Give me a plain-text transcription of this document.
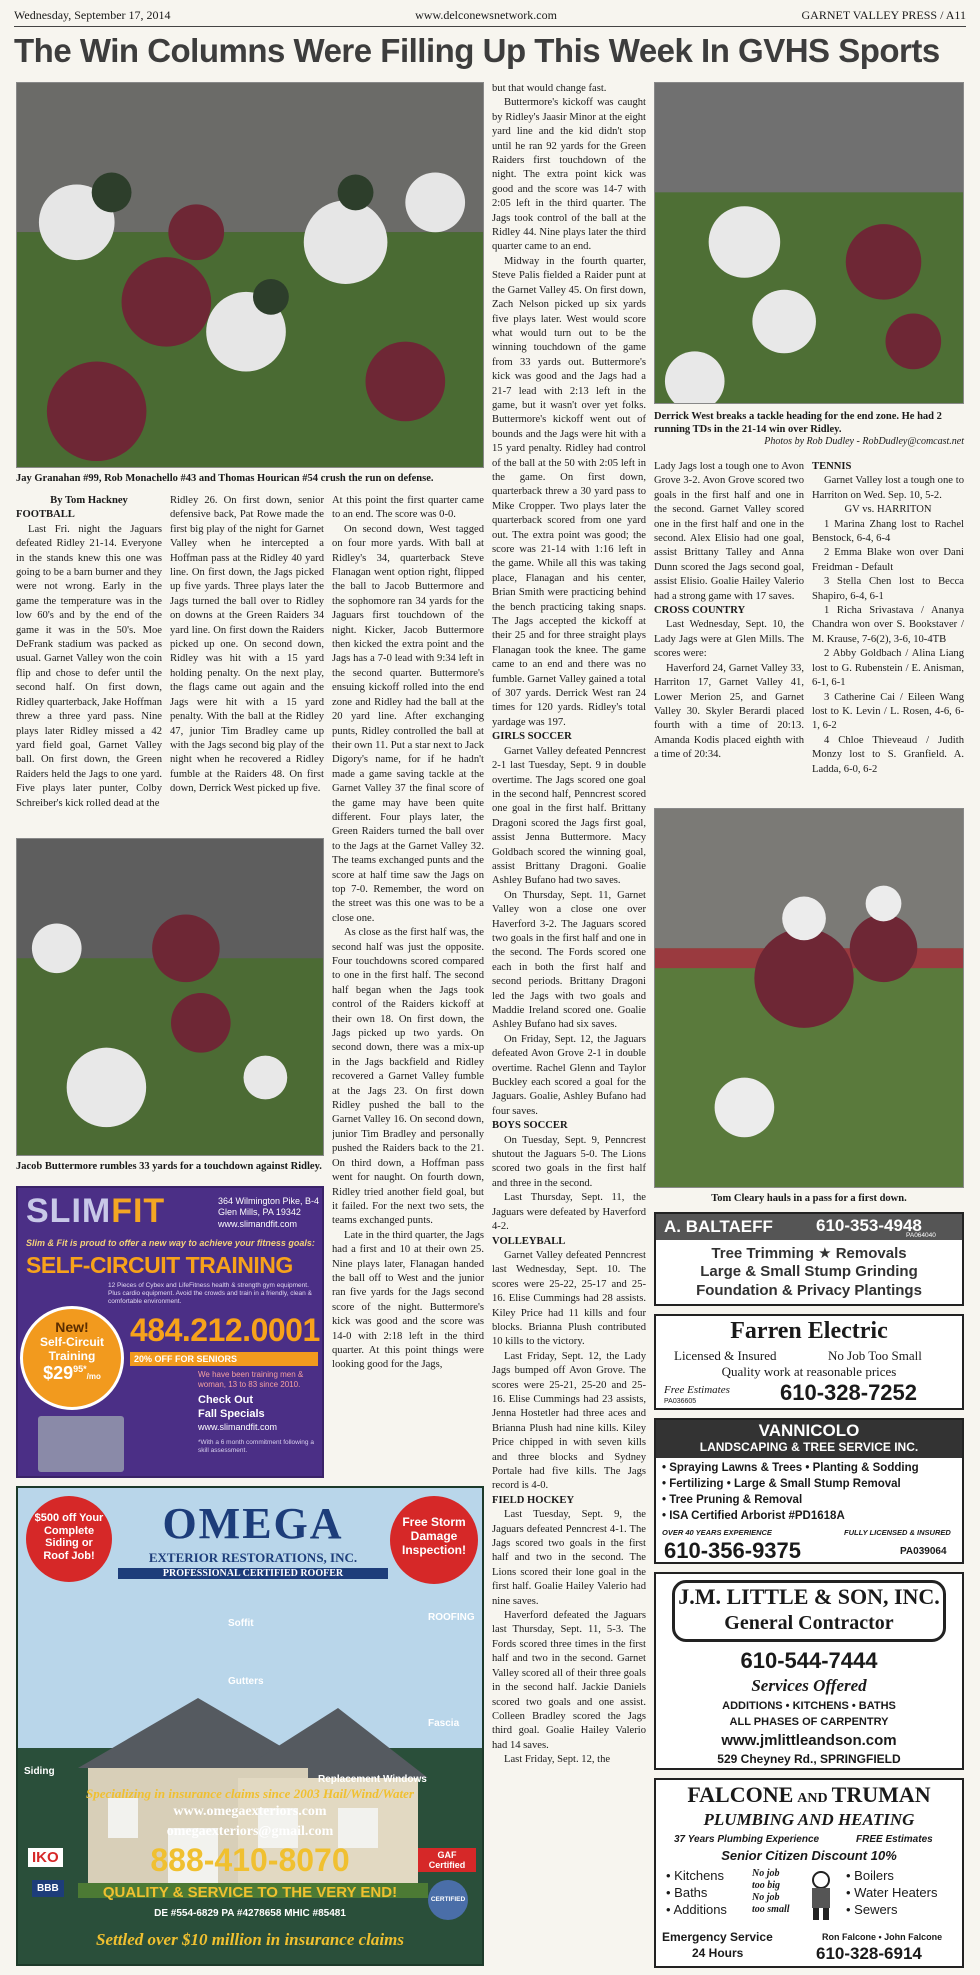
Wednesday, September 17, 2014	www.delconewsnetwork.com	GARNET VALLEY PRESS / A11
The Win Columns Were Filling Up This Week In GVHS Sports
Jay Granahan #99, Rob Monachello #43 and Thomas Hourican #54 crush the run on defense.
Derrick West breaks a tackle heading for the end zone. He had 2 running TDs in the 21-14 win over Ridley.
Photos by Rob Dudley - RobDudley@comcast.net
Jacob Buttermore rumbles 33 yards for a touchdown against Ridley.
Tom Cleary hauls in a pass for a first down.
By Tom Hackney
FOOTBALL

Last Fri. night the Jaguars defeated Ridley 21-14. Everyone in the stands knew this one was going to be a barn burner and they were not wrong. Early in the game the temperature was in the low 60's and by the end of the game it was in the 50's. Moe DeFrank stadium was packed as usual. Garnet Valley won the coin flip and chose to defer until the second half. On first down, Ridley quarterback, Jake Hoffman threw a three yard pass. Nine plays later Ridley missed a 42 yard field goal, Garnet Valley ball. On first down, the Green Raiders held the Jags to one yard. Five plays later punter, Colby Schreiber's kick rolled dead at the

Ridley 26. On first down, senior defensive back, Pat Rowe made the first big play of the night for Garnet Valley when he intercepted a Hoffman pass at the Ridley 40 yard line. On first down, the Jags picked up five yards. Three plays later the Jags turned the ball over to Ridley on downs at the Green Raiders 34 yard line. On first down the Raiders picked up one. On second down, Ridley was hit with a 15 yard holding penalty. On the next play, the flags came out again and the Jags were hit with a 15 yard penalty. With the ball at the Ridley 47, junior Tim Bradley came up with the Jags second big play of the night when he recovered a Ridley fumble at the Raiders 48. On first down, Derrick West picked up five.

At this point the first quarter came to an end. The score was 0-0.

On second down, West tagged on four more yards. With ball at Ridley's 34, quarterback Steve Flanagan went option right, flipped the ball to Jacob Buttermore and the sophomore ran 34 yards for the Jaguars first touchdown of the night. Kicker, Jacob Buttermore then kicked the extra point and the Jags has a 7-0 lead with 9:34 left in the second quarter. Buttermore's ensuing kickoff rolled into the end zone and Ridley had the ball at the 20 yard line. After exchanging punts, Ridley controlled the ball at their own 11. Put a star next to Jack Digory's name, for if he hadn't made a game saving tackle at the Garnet Valley 37 the final score of the game may have been quite different. Four plays later, the Green Raiders turned the ball over to the Jags at the Garnet Valley 32. The teams exchanged punts and the score at half time saw the Jags on top 7-0. Remember, the word on the street was this one was to be a close one.

As close as the first half was, the second half was just the opposite. Four touchdowns scored compared to one in the first half. The second half began when the Jags took control of the Raiders kickoff at their own 18. On first down, the Jags picked up two yards. On second down, there was a mix-up in the Jags backfield and Ridley recovered a Garnet Valley fumble at the Jags 23. On first down Ridley pushed the ball to the Garnet Valley 16. On second down, junior Tim Bradley and personally pushed the Raiders back to the 21. On third down, a Hoffman pass went for naught. On fourth down, Ridley tried another field goal, but it failed. For the next two sets, the teams exchanged punts.

Late in the third quarter, the Jags had a first and 10 at their own 25. Nine plays later, Flanagan handed the ball off to West and the junior ran five yards for the Jags second score of the night. Buttermore's kick was good and the score was 14-0 with 2:18 left in the third quarter. At this point things were looking good for the Jags,

but that would change fast.

Buttermore's kickoff was caught by Ridley's Jaasir Minor at the eight yard line and the kid didn't stop until he ran 92 yards for the Green Raiders first touchdown of the night. The extra point kick was good and the score was 14-7 with 2:05 left in the third quarter. The Jags took control of the ball at the Ridley 44. Nine plays later the third quarter came to an end.

Midway in the fourth quarter, Steve Palis fielded a Raider punt at the Garnet Valley 45. On first down, Zach Nelson picked up six yards five plays later. West would score what would turn out to be the winning touchdown of the game from 33 yards out. Buttermore's kick was good and the Jags had a 21-7 lead with 2:13 left in the game, but it wasn't over yet folks. Buttermore's kickoff went out of bounds and the Jags were hit with a 15 yard penalty. Ridley had control of the ball at the 50 with 2:05 left in the game. On first down, quarterback threw a 30 yard pass to Mike Cropper. Two plays later the quarterback scored from one yard out. The extra point was good; the score was 21-14 with 1:16 left in the game. While all this was taking place, Flanagan and his center, Brian Smith were practicing behind the bench practicing taking snaps. The Jags accepted the kickoff at their 25 and for three straight plays Flanagan took the knee. The game came to an end and there was no fumble. Garnet Valley gained a total of 307 yards. Derrick West ran 24 times for 120 yards. Ridley's total yardage was 197.

GIRLS SOCCER

Garnet Valley defeated Penncrest 2-1 last Tuesday, Sept. 9 in double overtime. The Jags scored one goal in the second half, Penncrest scored one goal in the first half. Brittany Dragoni scored the Jags first goal, assist Jenna Buttermore. Macy Goldbach scored the winning goal, assist Brittany Dragoni. Goalie Ashley Bufano had two saves.

On Thursday, Sept. 11, Garnet Valley won a close one over Haverford 3-2. The Jaguars scored two goals in the first half and one in the second. The Fords scored one each in both the first half and second periods. Brittany Dragoni led the Jags with two goals and Maddie Ireland scored one. Goalie Ashley Bufano had six saves.

On Friday, Sept. 12, the Jaguars defeated Avon Grove 2-1 in double overtime. Rachel Glenn and Taylor Buckley each scored a goal for the Jaguars. Goalie, Ashley Bufano had four saves.

BOYS SOCCER

On Tuesday, Sept. 9, Penncrest shutout the Jaguars 5-0. The Lions scored two goals in the first half and three in the second.

Last Thursday, Sept. 11, the Jaguars were defeated by Haverford 4-2.

VOLLEYBALL

Garnet Valley defeated Penncrest last Wednesday, Sept. 10. The scores were 25-22, 25-17 and 25-16. Elise Cummings had 28 assists. Kiley Price had 11 kills and four blocks. Brianna Plush contributed 10 kills to the victory.

Last Friday, Sept. 12, the Lady Jags bumped off Avon Grove. The scores were 25-21, 25-20 and 25-16. Elise Cummings had 23 assists, Jenna Hostetler had three aces and Brianna Plush had nine kills. Kiley Price chipped in with seven kills and three blocks and Sydney Portale had five kills. The Jags record is 4-0.

FIELD HOCKEY

Last Tuesday, Sept. 9, the Jaguars defeated Penncrest 4-1. The Jags scored two goals in the first half and two in the second. The Lions scored their lone goal in the first half. Goalie Hailey Valerio had nine saves.

Haverford defeated the Jaguars last Thursday, Sept. 11, 5-3. The Fords scored three times in the first half and two in the second. Garnet Valley scored all of their three goals in the second half. Jackie Daniels scored two goals and one assist. Colleen Bradley scored the Jags third goal. Goalie Hailey Valerio had 14 saves.

Last Friday, Sept. 12, the

Lady Jags lost a tough one to Avon Grove 3-2. Avon Grove scored two goals in the first half and one in the second. Garnet Valley scored one in the first half and one in the second. Alex Elisio had one goal, assist Brittany Talley and Anna Dunn scored the Jags second goal, assist Elisio. Goalie Hailey Valerio had a strong game with 17 saves.

CROSS COUNTRY

Last Wednesday, Sept. 10, the Lady Jags were at Glen Mills. The scores were:

Haverford 24, Garnet Valley 33, Harriton 17, Garnet Valley 41, Lower Merion 25, and Garnet Valley 30. Skyler Berardi placed fourth with a time of 20:13. Amanda Kodis placed eighth with a time of 20:34.

TENNIS

Garnet Valley lost a tough one to Harriton on Wed. Sep. 10, 5-2.

GV vs. HARRITON

1 Marina Zhang lost to Rachel Benstock, 6-4, 6-4

2 Emma Blake won over Dani Freidman - Default

3 Stella Chen lost to Becca Shapiro, 6-4, 6-1

1 Richa Srivastava / Ananya Chandra won over S. Bookstaver / M. Krause, 7-6(2), 3-6, 10-4TB

2 Abby Goldbach / Alina Liang lost to G. Rubenstein / E. Anisman, 6-1, 6-1

3 Catherine Cai / Eileen Wang lost to K. Levin / L. Rosen, 4-6, 6-1, 6-2

4 Chloe Thieveaud / Judith Monzy lost to S. Granfield. A. Ladda, 6-0, 6-2

SLIMFIT	364 Wilmington Pike, B-4
Glen Mills, PA 19342
www.slimandfit.com
Slim & Fit is proud to offer a new way to achieve your fitness goals:
SELF-CIRCUIT TRAINING
12 Pieces of Cybex and LifeFitness health & strength gym equipment. Plus cardio equipment. Avoid the crowds and train in a friendly, clean & comfortable environment.
New!
Self-Circuit
Training
$\$29^{95*}/mo$
484.212.0001
20% OFF FOR SENIORS
We have been training men & woman, 13 to 83 since 2010.
Check Out
Fall Specials
www.slimandfit.com
*With a 6 month commitment following a skill assessment.
$500 off Your Complete Siding or Roof Job!
Free Storm Damage Inspection!
OMEGA
EXTERIOR RESTORATIONS, INC.
PROFESSIONAL CERTIFIED ROOFER
ROOFING
Soffit
Gutters
Fascia
Siding
Replacement Windows
Specializing in insurance claims since 2003 Hail/Wind/Water
www.omegaexteriors.com
omegaexteriors@gmail.com
888-410-8070
QUALITY & SERVICE TO THE VERY END!
DE #554-6829 PA #4278658 MHIC #85481
Settled over $10 million in insurance claims
IKO
BBB
GAF Certified
CERTIFIED
A. BALTAEFF	610-353-4948
PA064040
Tree Trimming ★ Removals
Large & Small Stump Grinding
Foundation & Privacy Plantings
Farren Electric
Licensed & Insured	No Job Too Small
Quality work at reasonable prices
Free Estimates
PA036605	610-328-7252
VANNICOLO
LANDSCAPING & TREE SERVICE INC.
• Spraying Lawns & Trees • Planting & Sodding
• Fertilizing • Large & Small Stump Removal
• Tree Pruning & Removal
• ISA Certified Arborist #PD1618A
OVER 40 YEARS EXPERIENCE	FULLY LICENSED & INSURED
610-356-9375	PA039064
J.M. LITTLE & SON, INC.
General Contractor
610-544-7444
Services Offered
ADDITIONS • KITCHENS • BATHS
ALL PHASES OF CARPENTRY
www.jmlittleandson.com
529 Cheyney Rd., SPRINGFIELD
FALCONE AND TRUMAN
PLUMBING AND HEATING
37 Years Plumbing Experience	FREE Estimates
Senior Citizen Discount 10%
• Kitchens
• Baths
• Additions
No job
too big
No job
too small
• Boilers
• Water Heaters
• Sewers
Emergency Service
24 Hours
Ron Falcone • John Falcone
610-328-6914
